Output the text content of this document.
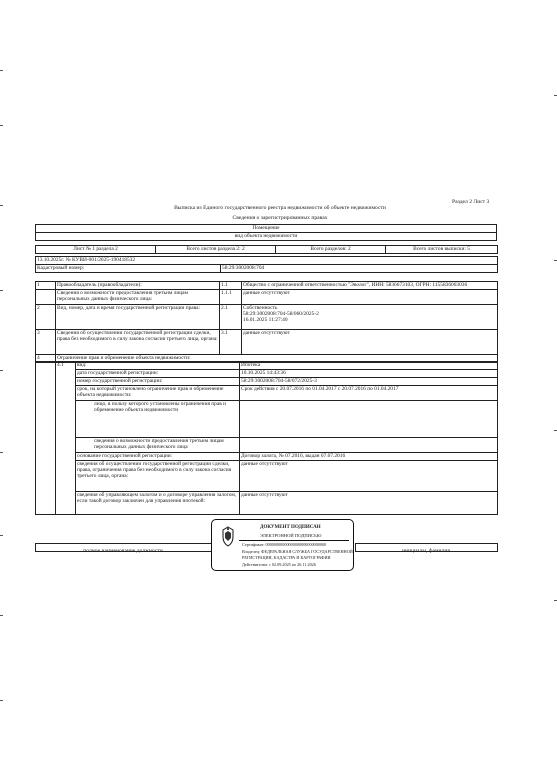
Раздел 2 Лист 3
Выписка из Единого государственного реестра недвижимости об объекте недвижимости
Сведения о зарегистрированных правах
Помещение
вид объекта недвижимости
Лист № 1 раздела 2	Всего листов раздела 2: 2	Всего разделов: 2	Всего листов выписки: 5
13.10.2025г. № КУВИ-001/2025-190418532
Кадастровый номер:	58:29:3002008:704
1	Правообладатель (правообладатели):	1.1	Общество с ограниченной ответственностью "Эволог", ИНН: 5836673103, ОГРН: 1155836003036
	Сведения о возможности предоставления третьим лицам персональных данных физического лица:	1.1.1	данные отсутствуют
2	Вид, номер, дата и время государственной регистрации права:	2.1	Собственность
58:29:3002008:704-58/060/2025-2
16.01.2025 11:27:40

3	Сведения об осуществлении государственной регистрации сделки, права без необходимого в силу закона согласия третьего лица, органа:	3.1	данные отсутствуют
4	Ограничение прав и обременение объекта недвижимости:		
	4.1	вид:	Ипотека
		дата государственной регистрации:	10.10.2025 14:43:36
		номер государственной регистрации:	58:29:3002008:704-58/072/2025-3
		срок, на который установлено ограничение прав и обременение объекта недвижимости:	Срок действия с 20.07.2016 по 01.04.2017 с 20.07.2016 по 01.04.2017
		лицо, в пользу которого установлены ограничения прав и обременение объекта недвижимости	
		сведения о возможности предоставления третьим лицам персональных данных физического лица	
		основание государственной регистрации:	Договор залога, № 07.2016, выдан 07.07.2016
		сведения об осуществлении государственной регистрации сделки, права, ограничения права без необходимого в силу закона согласия третьего лица, органа:	данные отсутствуют
		сведения об управляющем залогом и о договоре управления залогом, если такой договор заключен для управления ипотекой:	данные отсутствуют

полное наименование должности	инициалы, фамилия
ДОКУМЕНТ ПОДПИСАН
ЭЛЕКТРОННОЙ ПОДПИСЬЮ
Сертификат: 00000000000000000000000000000
Владелец: ФЕДЕРАЛЬНАЯ СЛУЖБА ГОСУДАРСТВЕННОЙ
РЕГИСТРАЦИИ, КАДАСТРА И КАРТОГРАФИИ
Действителен: с 02.09.2025 по 26.11.2026
